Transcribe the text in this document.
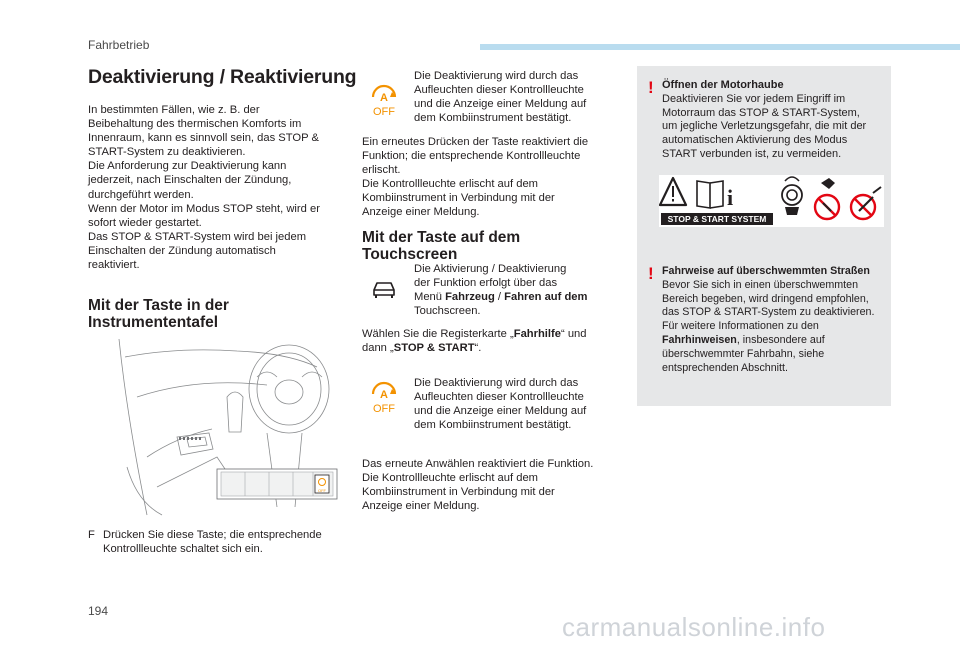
Fahrbetrieb
Deaktivierung / Reaktivierung
In bestimmten Fällen, wie z. B. der
Beibehaltung des thermischen Komforts im
Innenraum, kann es sinnvoll sein, das STOP &
START-System zu deaktivieren.
Die Anforderung zur Deaktivierung kann
jederzeit, nach Einschalten der Zündung,
durchgeführt werden.
Wenn der Motor im Modus STOP steht, wird er
sofort wieder gestartet.
Das STOP & START-System wird bei jedem
Einschalten der Zündung automatisch
reaktiviert.
Mit der Taste in der
Instrumententafel
OFF
F Drücken Sie diese Taste; die entsprechende
Kontrollleuchte schaltet sich ein.
194
A
OFF
Die Deaktivierung wird durch das
Aufleuchten dieser Kontrollleuchte
und die Anzeige einer Meldung auf
dem Kombiinstrument bestätigt.
Ein erneutes Drücken der Taste reaktiviert die
Funktion; die entsprechende Kontrollleuchte
erlischt.
Die Kontrollleuchte erlischt auf dem
Kombiinstrument in Verbindung mit der
Anzeige einer Meldung.
Mit der Taste auf dem
Touchscreen
Die Aktivierung / Deaktivierung
der Funktion erfolgt über das
Menü Fahrzeug / Fahren auf dem
Touchscreen.
Wählen Sie die Registerkarte „Fahrhilfe“ und
dann „STOP & START“.
A
OFF
Die Deaktivierung wird durch das
Aufleuchten dieser Kontrollleuchte
und die Anzeige einer Meldung auf
dem Kombiinstrument bestätigt.
Das erneute Anwählen reaktiviert die Funktion.
Die Kontrollleuchte erlischt auf dem
Kombiinstrument in Verbindung mit der
Anzeige einer Meldung.
! Öffnen der Motorhaube
Deaktivieren Sie vor jedem Eingriff im
Motorraum das STOP & START-System,
um jegliche Verletzungsgefahr, die mit der
automatischen Aktivierung des Modus
START verbunden ist, zu vermeiden.
i
STOP & START SYSTEM
! Fahrweise auf überschwemmten Straßen
Bevor Sie sich in einen überschwemmten
Bereich begeben, wird dringend empfohlen,
das STOP & START-System zu deaktivieren.
Für weitere Informationen zu den
Fahrhinweisen, insbesondere auf
überschwemmter Fahrbahn, siehe
entsprechenden Abschnitt.
carmanualsonline.info
